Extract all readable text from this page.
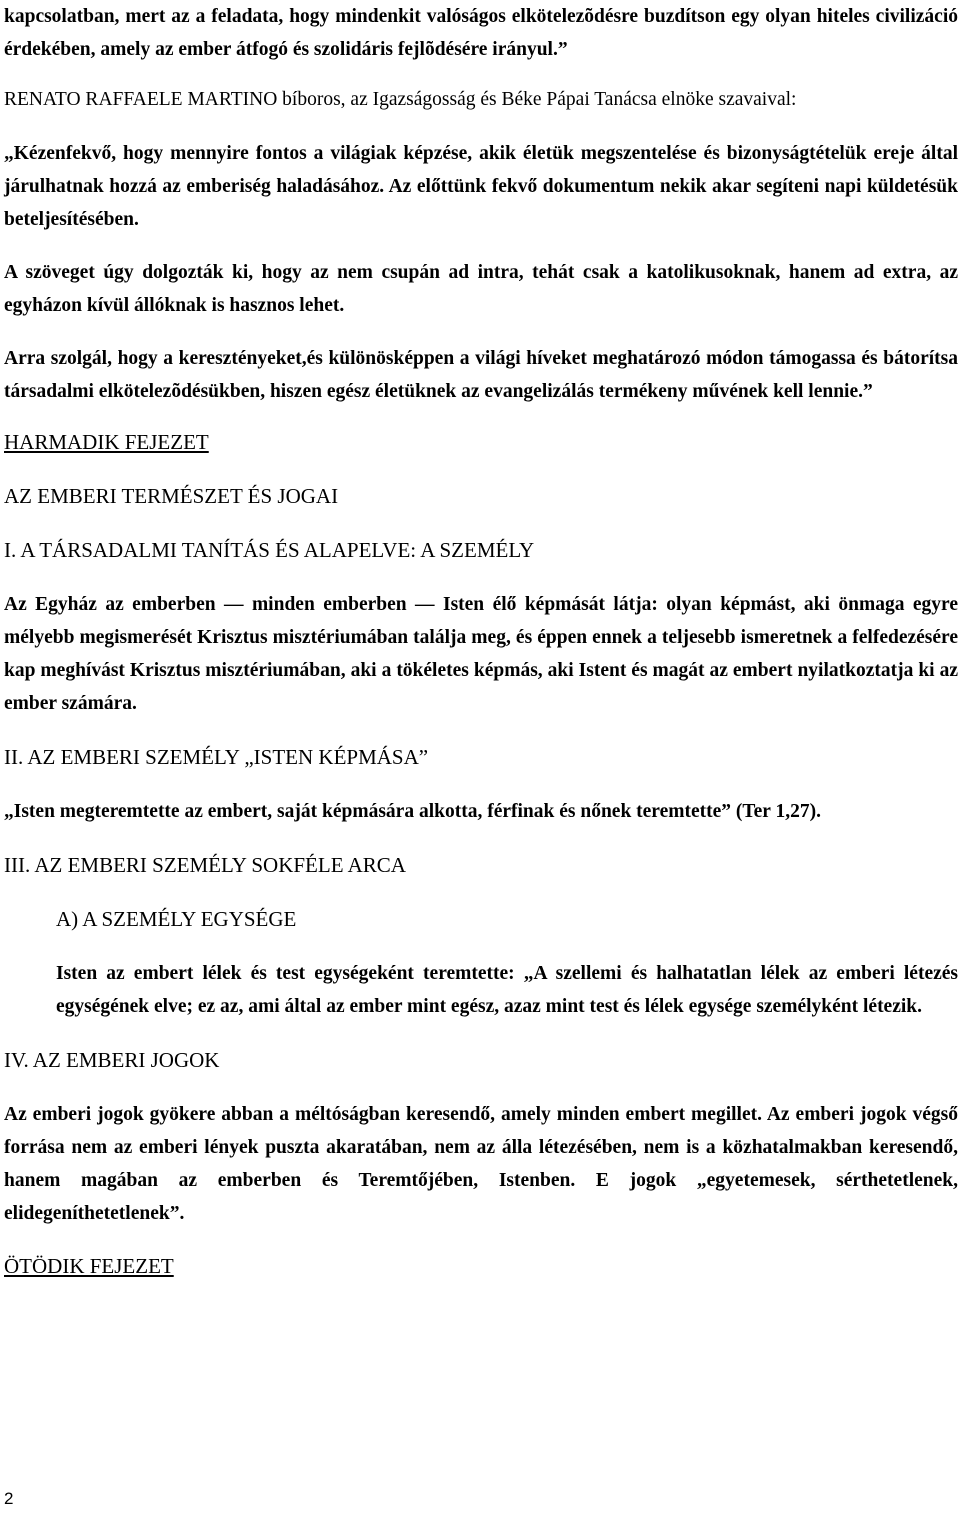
kapcsolatban, mert az a feladata, hogy mindenkit valóságos elkötelezõdésre buzdítson egy olyan hiteles civilizáció érdekében, amely az ember átfogó és szolidáris fejlõdésére irányul.”

RENATO RAFFAELE MARTINO bíboros, az Igazságosság és Béke Pápai Tanácsa elnöke szavaival:

„Kézenfekvő, hogy mennyire fontos a világiak képzése, akik életük megszentelése és bizonyságtételük ereje által járulhatnak hozzá az emberiség haladásához. Az előttünk fekvő dokumentum nekik akar segíteni napi küldetésük beteljesítésében.

A szöveget úgy dolgozták ki, hogy az nem csupán ad intra, tehát csak a katolikusoknak, hanem ad extra, az egyházon kívül állóknak is hasznos lehet.

Arra szolgál, hogy a keresztényeket,és különösképpen a világi híveket meghatározó módon támogassa és bátorítsa társadalmi elkötelezõdésükben, hiszen egész életüknek az evangelizálás termékeny művének kell lennie.”

HARMADIK FEJEZET

AZ EMBERI TERMÉSZET ÉS JOGAI

I. A TÁRSADALMI TANÍTÁS ÉS ALAPELVE: A SZEMÉLY

Az Egyház az emberben — minden emberben — Isten élő képmását látja: olyan képmást, aki önmaga egyre mélyebb megismerését Krisztus misztériumában találja meg, és éppen ennek a teljesebb ismeretnek a felfedezésére kap meghívást Krisztus misztériumában, aki a tökéletes képmás, aki Istent és magát az embert nyilatkoztatja ki az ember számára.

II. AZ EMBERI SZEMÉLY „ISTEN KÉPMÁSA”

„Isten megteremtette az embert, saját képmására alkotta, férfinak és nőnek teremtette” (Ter 1,27).

III. AZ EMBERI SZEMÉLY SOKFÉLE ARCA

A) A SZEMÉLY EGYSÉGE

Isten az embert lélek és test egységeként teremtette: „A szellemi és halhatatlan lélek az emberi létezés egységének elve; ez az, ami által az ember mint egész, azaz mint test és lélek egysége személyként létezik.

IV. AZ EMBERI JOGOK

Az emberi jogok gyökere abban a méltóságban keresendő, amely minden embert megillet. Az emberi jogok végső forrása nem az emberi lények puszta akaratában, nem az álla létezésében, nem is a közhatalmakban keresendő, hanem magában az emberben és Teremtőjében, Istenben. E jogok „egyetemesek, sérthetetlenek, elidegeníthetetlenek”.

ÖTÖDIK FEJEZET

2
